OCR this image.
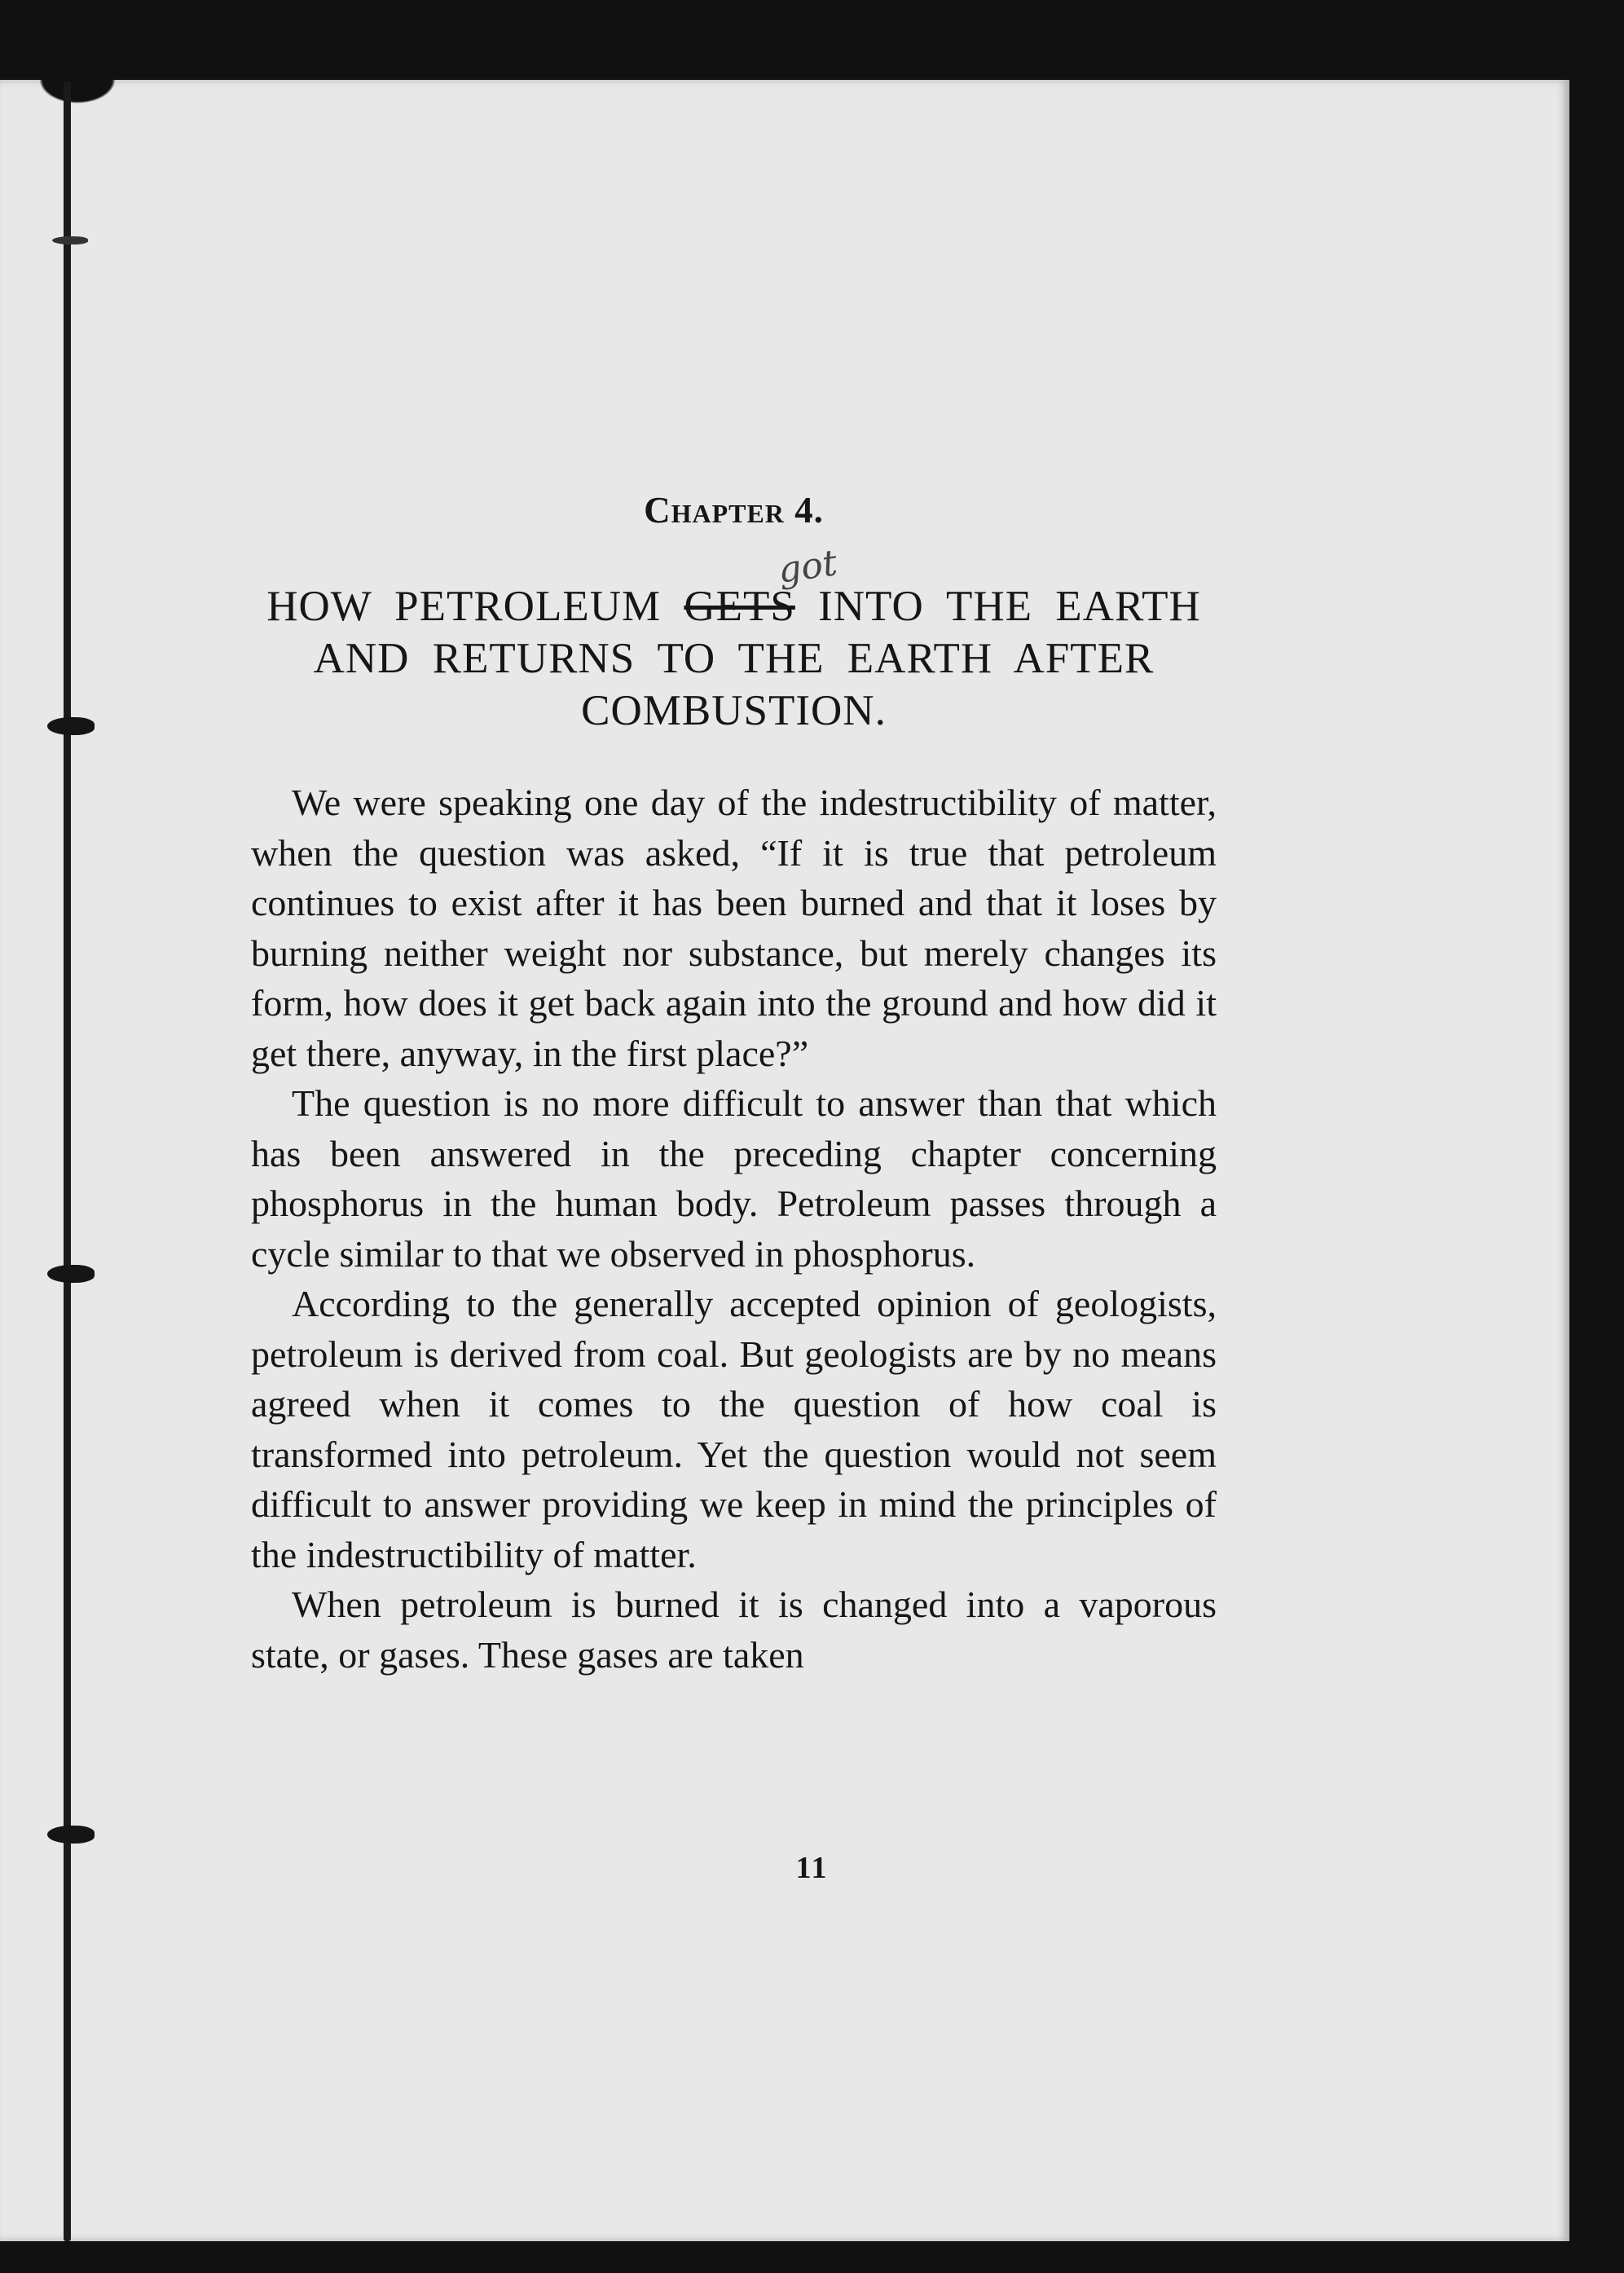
got
Chapter 4.
HOW PETROLEUM GETS INTO THE EARTH AND RETURNS TO THE EARTH AFTER COMBUSTION.

We were speaking one day of the indestructibility of matter, when the question was asked, “If it is true that petroleum continues to exist after it has been burned and that it loses by burning neither weight nor substance, but merely changes its form, how does it get back again into the ground and how did it get there, anyway, in the first place?”

The question is no more difficult to answer than that which has been answered in the preceding chapter concerning phosphorus in the human body. Petroleum passes through a cycle similar to that we observed in phosphorus.

According to the generally accepted opinion of geologists, petroleum is derived from coal. But geologists are by no means agreed when it comes to the question of how coal is transformed into petroleum. Yet the question would not seem difficult to answer providing we keep in mind the principles of the indestructibility of matter.

When petroleum is burned it is changed into a vaporous state, or gases. These gases are taken

11
